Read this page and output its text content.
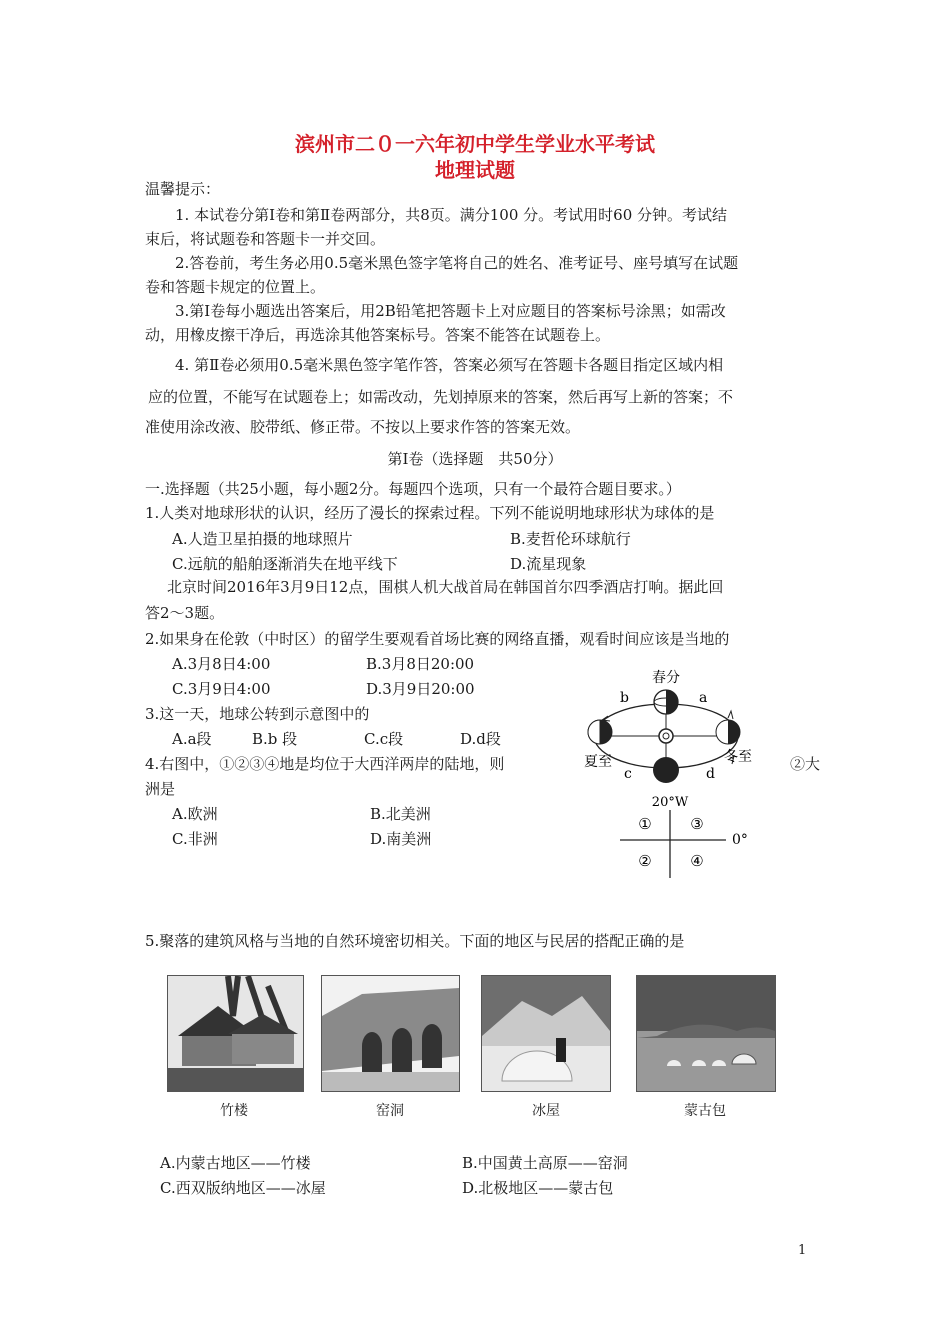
滨州市二０一六年初中学生学业水平考试
地理试题
温馨提示：
1. 本试卷分第Ⅰ卷和第Ⅱ卷两部分，共8页。满分100 分。考试用时60 分钟。考试结
束后，将试题卷和答题卡一并交回。
2.答卷前，考生务必用0.5毫米黑色签字笔将自己的姓名、准考证号、座号填写在试题
卷和答题卡规定的位置上。
3.第Ⅰ卷每小题选出答案后，用2B铅笔把答题卡上对应题目的答案标号涂黑；如需改
动，用橡皮擦干净后，再选涂其他答案标号。答案不能答在试题卷上。
4. 第Ⅱ卷必须用0.5毫米黑色签字笔作答，答案必须写在答题卡各题目指定区域内相
应的位置，不能写在试题卷上；如需改动，先划掉原来的答案，然后再写上新的答案；不
准使用涂改液、胶带纸、修正带。不按以上要求作答的答案无效。
第Ⅰ卷（选择题　共50分）
一.选择题（共25小题，每小题2分。每题四个选项，只有一个最符合题目要求。）
1.人类对地球形状的认识，经历了漫长的探索过程。下列不能说明地球形状为球体的是
A.人造卫星拍摄的地球照片	B.麦哲伦环球航行
C.远航的船舶逐渐消失在地平线下	D.流星现象
北京时间2016年3月9日12点，围棋人机大战首局在韩国首尔四季酒店打响。据此回
答2～3题。
2.如果身在伦敦（中时区）的留学生要观看首场比赛的网络直播，观看时间应该是当地的
A.3月8日4:00	B.3月8日20:00
C.3月9日4:00	D.3月9日20:00
3.这一天，地球公转到示意图中的
A.a段	B.b 段	C.c段	D.d段
4.右图中，①②③④地是均位于大西洋两岸的陆地，则	②大
洲是
A.欧洲	B.北美洲
C.非洲	D.南美洲
春分
夏至	冬至
a
b
c	d
20°W
0°
①	③
②	④
5.聚落的建筑风格与当地的自然环境密切相关。下面的地区与民居的搭配正确的是
竹楼	窑洞	冰屋	蒙古包
A.内蒙古地区——竹楼	B.中国黄土高原——窑洞
C.西双版纳地区——冰屋	D.北极地区——蒙古包
1
